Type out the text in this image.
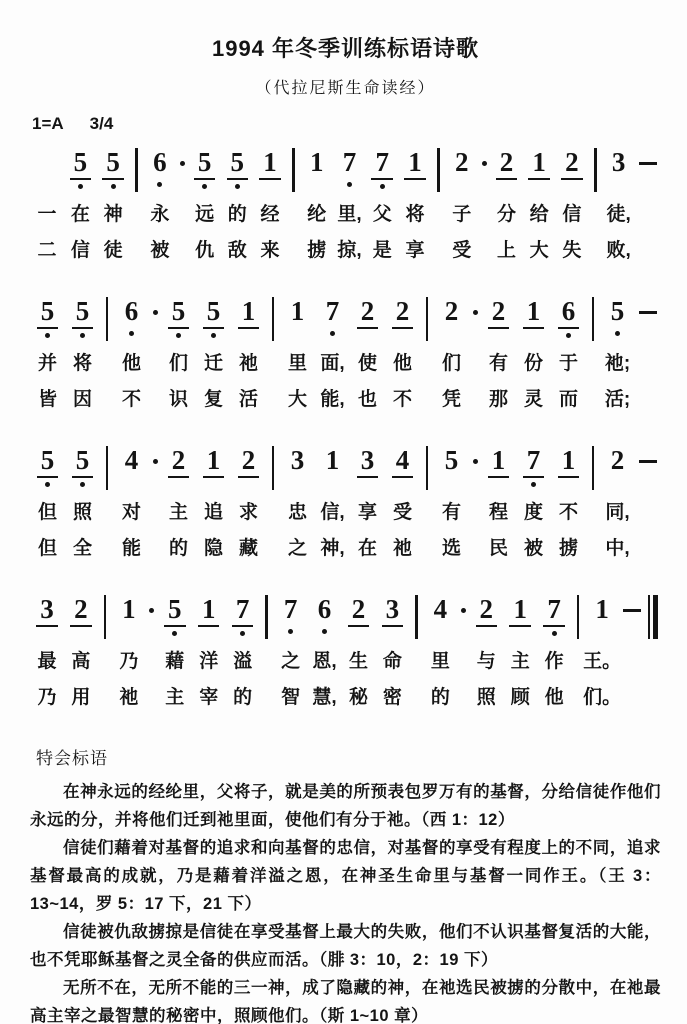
1994 年冬季训练标语诗歌
（代拉尼斯生命读经）
1=A 3/4
一
二
5
在
信
5
神
徒
6
永
被
5
远
仇
5
的
敌
1
经
来
1
纶
掳
7
里,
掠,
7
父
是
1
将
享
2
子
受
2
分
上
1
给
大
2
信
失
3
徒,
败,
5
并
皆
5
将
因
6
他
不
5
们
识
5
迁
复
1
祂
活
1
里
大
7
面,
能,
2
使
也
2
他
不
2
们
凭
2
有
那
1
份
灵
6
于
而
5
祂;
活;
5
但
但
5
照
全
4
对
能
2
主
的
1
追
隐
2
求
藏
3
忠
之
1
信,
神,
3
享
在
4
受
祂
5
有
选
1
程
民
7
度
被
1
不
掳
2
同,
中,
3
最
乃
2
高
用
1
乃
祂
5
藉
主
1
洋
宰
7
溢
的
7
之
智
6
恩,
慧,
2
生
秘
3
命
密
4
里
的
2
与
照
1
主
顾
7
作
他
1
王。
们。
特会标语

在神永远的经纶里，父将子，就是美的所预表包罗万有的基督，分给信徒作他们永远的分，并将他们迁到祂里面，使他们有分于祂。（西 1：12）

信徒们藉着对基督的追求和向基督的忠信，对基督的享受有程度上的不同，追求基督最高的成就，乃是藉着洋溢之恩，在神圣生命里与基督一同作王。（王 3：13~14，罗 5：17 下，21 下）

信徒被仇敌掳掠是信徒在享受基督上最大的失败，他们不认识基督复活的大能，也不凭耶稣基督之灵全备的供应而活。（腓 3：10，2：19 下）

无所不在，无所不能的三一神，成了隐藏的神，在祂选民被掳的分散中，在祂最高主宰之最智慧的秘密中，照顾他们。（斯 1~10 章）
